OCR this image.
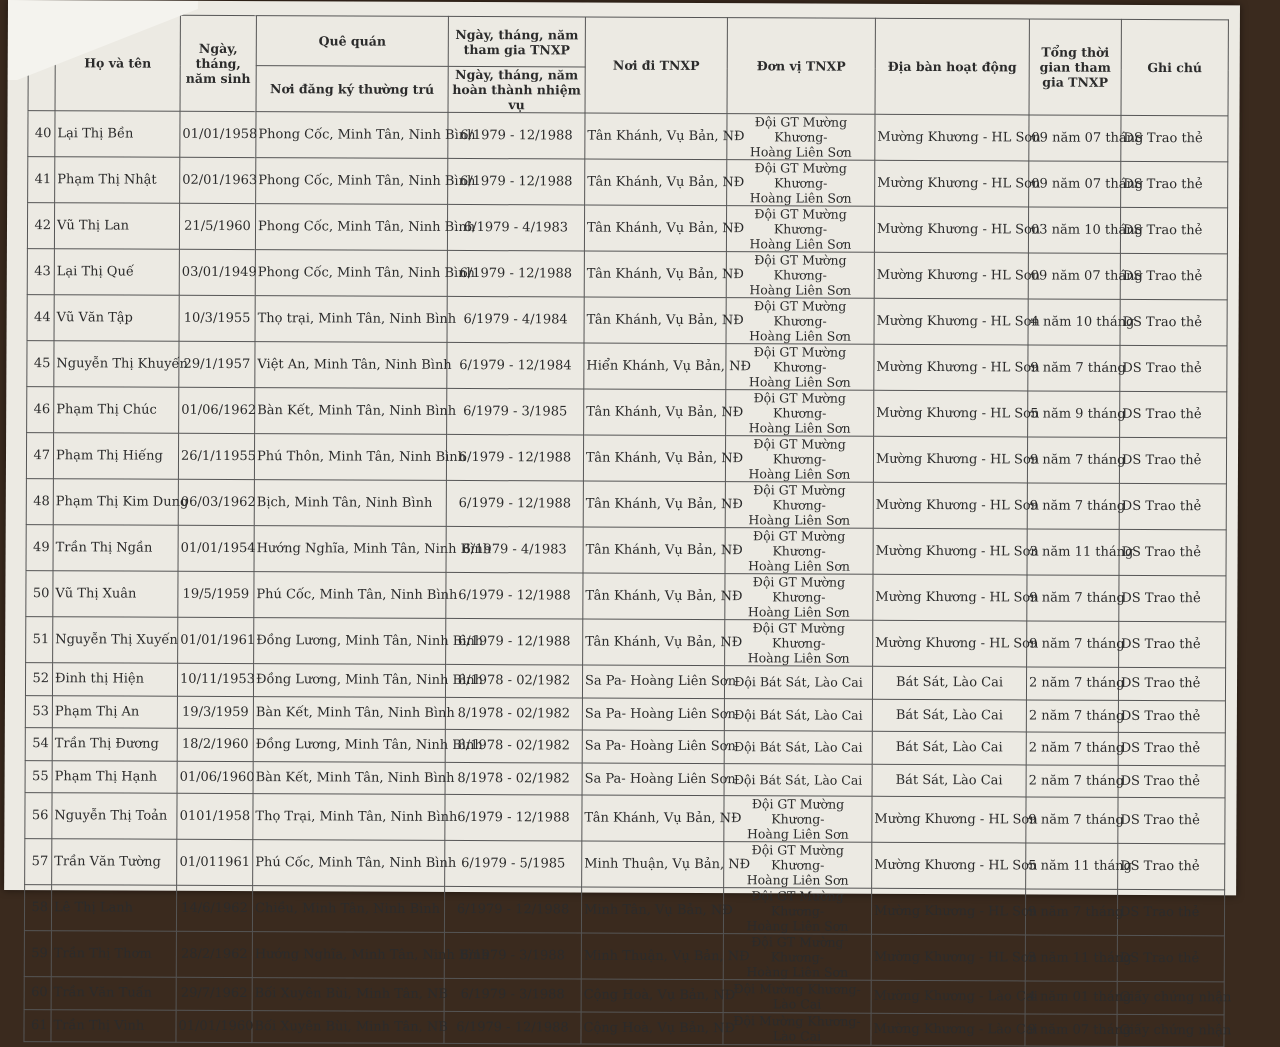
	Họ và tên	Ngày, tháng, năm sinh	Quê quán	Ngày, tháng, năm tham gia TNXP	Nơi đi TNXP	Đơn vị TNXP	Địa bàn hoạt động	Tổng thời gian tham gia TNXP	Ghi chú
			Nơi đăng ký thường trú	Ngày, tháng, năm hoàn thành nhiệm vụ					
40	Lại Thị Bền	01/01/1958	Phong Cốc, Minh Tân, Ninh Bình	6/1979 - 12/1988	Tân Khánh, Vụ Bản, NĐ	Đội GT Mường Khương-
Hoàng Liên Sơn	Mường Khương - HL Sơn	09 năm 07 tháng	DS Trao thẻ
41	Phạm Thị Nhật	02/01/1963	Phong Cốc, Minh Tân, Ninh Bình	6/1979 - 12/1988	Tân Khánh, Vụ Bản, NĐ	Đội GT Mường Khương-
Hoàng Liên Sơn	Mường Khương - HL Sơn	09 năm 07 tháng	DS Trao thẻ
42	Vũ Thị Lan	21/5/1960	Phong Cốc, Minh Tân, Ninh Bình	6/1979 - 4/1983	Tân Khánh, Vụ Bản, NĐ	Đội GT Mường Khương-
Hoàng Liên Sơn	Mường Khương - HL Sơn	03 năm 10 tháng	DS Trao thẻ
43	Lại Thị Quế	03/01/1949	Phong Cốc, Minh Tân, Ninh Bình	6/1979 - 12/1988	Tân Khánh, Vụ Bản, NĐ	Đội GT Mường Khương-
Hoàng Liên Sơn	Mường Khương - HL Sơn	09 năm 07 tháng	DS Trao thẻ
44	Vũ Văn Tập	10/3/1955	Thọ trại, Minh Tân, Ninh Bình	6/1979 - 4/1984	Tân Khánh, Vụ Bản, NĐ	Đội GT Mường Khương-
Hoàng Liên Sơn	Mường Khương - HL Sơn	4 năm 10 tháng	DS Trao thẻ
45	Nguyễn Thị Khuyến	29/1/1957	Việt An, Minh Tân, Ninh Bình	6/1979 - 12/1984	Hiển Khánh, Vụ Bản, NĐ	Đội GT Mường Khương-
Hoàng Liên Sơn	Mường Khương - HL Sơn	9 năm 7 tháng	DS Trao thẻ
46	Phạm Thị Chúc	01/06/1962	Bàn Kết, Minh Tân, Ninh Bình	6/1979 - 3/1985	Tân Khánh, Vụ Bản, NĐ	Đội GT Mường Khương-
Hoàng Liên Sơn	Mường Khương - HL Sơn	5 năm 9 tháng	DS Trao thẻ
47	Phạm Thị Hiếng	26/1/11955	Phú Thôn, Minh Tân, Ninh Bình	6/1979 - 12/1988	Tân Khánh, Vụ Bản, NĐ	Đội GT Mường Khương-
Hoàng Liên Sơn	Mường Khương - HL Sơn	9 năm 7 tháng	DS Trao thẻ
48	Phạm Thị Kim Dung	06/03/1962	Bịch, Minh Tân, Ninh Bình	6/1979 - 12/1988	Tân Khánh, Vụ Bản, NĐ	Đội GT Mường Khương-
Hoàng Liên Sơn	Mường Khương - HL Sơn	9 năm 7 tháng	DS Trao thẻ
49	Trần Thị Ngần	01/01/1954	Hướng Nghĩa, Minh Tân, Ninh Bình	6/1979 - 4/1983	Tân Khánh, Vụ Bản, NĐ	Đội GT Mường Khương-
Hoàng Liên Sơn	Mường Khương - HL Sơn	3 năm 11 tháng	DS Trao thẻ
50	Vũ Thị Xuân	19/5/1959	Phú Cốc, Minh Tân, Ninh Bình	6/1979 - 12/1988	Tân Khánh, Vụ Bản, NĐ	Đội GT Mường Khương-
Hoàng Liên Sơn	Mường Khương - HL Sơn	9 năm 7 tháng	DS Trao thẻ
51	Nguyễn Thị Xuyến	01/01/1961	Đồng Lương, Minh Tân, Ninh Bình	6/1979 - 12/1988	Tân Khánh, Vụ Bản, NĐ	Đội GT Mường Khương-
Hoàng Liên Sơn	Mường Khương - HL Sơn	9 năm 7 tháng	DS Trao thẻ
52	Đinh thị Hiện	10/11/1953	Đồng Lương, Minh Tân, Ninh Bình	8/1978 - 02/1982	Sa Pa- Hoàng Liên Sơn	Đội Bát Sát, Lào Cai	Bát Sát, Lào Cai	2 năm 7 tháng	DS Trao thẻ
53	Phạm Thị An	19/3/1959	Bàn Kết, Minh Tân, Ninh Bình	8/1978 - 02/1982	Sa Pa- Hoàng Liên Sơn	Đội Bát Sát, Lào Cai	Bát Sát, Lào Cai	2 năm 7 tháng	DS Trao thẻ
54	Trần Thị Đương	18/2/1960	Đồng Lương, Minh Tân, Ninh Bình	8/1978 - 02/1982	Sa Pa- Hoàng Liên Sơn	Đội Bát Sát, Lào Cai	Bát Sát, Lào Cai	2 năm 7 tháng	DS Trao thẻ
55	Phạm Thị Hạnh	01/06/1960	Bàn Kết, Minh Tân, Ninh Bình	8/1978 - 02/1982	Sa Pa- Hoàng Liên Sơn	Đội Bát Sát, Lào Cai	Bát Sát, Lào Cai	2 năm 7 tháng	DS Trao thẻ
56	Nguyễn Thị Toản	0101/1958	Thọ Trại, Minh Tân, Ninh Bình	6/1979 - 12/1988	Tân Khánh, Vụ Bản, NĐ	Đội GT Mường Khương-
Hoàng Liên Sơn	Mường Khương - HL Sơn	9 năm 7 tháng	DS Trao thẻ
57	Trần Văn Tường	01/011961	Phú Cốc, Minh Tân, Ninh Bình	6/1979 - 5/1985	Minh Thuận, Vụ Bản, NĐ	Đội GT Mường Khương-
Hoàng Liên Sơn	Mường Khương - HL Sơn	5 năm 11 tháng	DS Trao thẻ
58	Lê Thị Lanh	14/6/1962	Chiều, Minh Tân, Ninh Bình	6/1979 - 12/1988	Minh Tân, Vụ Bản, NĐ	Đội GT Mường Khương-
Hoàng Liên Sơn	Mường Khương - HL Sơn	9 năm 7 tháng	DS Trao thẻ
59	Trần Thị Thơm	28/2/1962	Hướng Nghĩa, Minh Tân, Ninh Bình	6/1979 - 3/1988	Minh Thuận, Vụ Bản, NĐ	Đội GT Mường Khương-
Hoàng Liên Sơn	Mường Khương - HL Sơn	3 năm 11 tháng	DS Trao thẻ
60	Trần Văn Tuấn	29/7/1962	Bối Xuyên Bùi, Minh Tân, NB	6/1979 - 3/1988	Cộng Hoà, Vụ Bản, NĐ	Đội Mường Khương-
Lào Cai	Mường Khương - Lào Cai	4 năm 01 tháng	Giấy chứng nhận
61	Trần Thị Vinh	01/01/1960	Bối Xuyên Bùi, Minh Tân, NB	6/1979 - 12/1988	Cộng Hoà, Vụ Bản, NĐ	Đội Mường Khương-
Lào Cai	Mường Khương - Lào Cai	9 năm 07 tháng	Giấy chứng nhận
